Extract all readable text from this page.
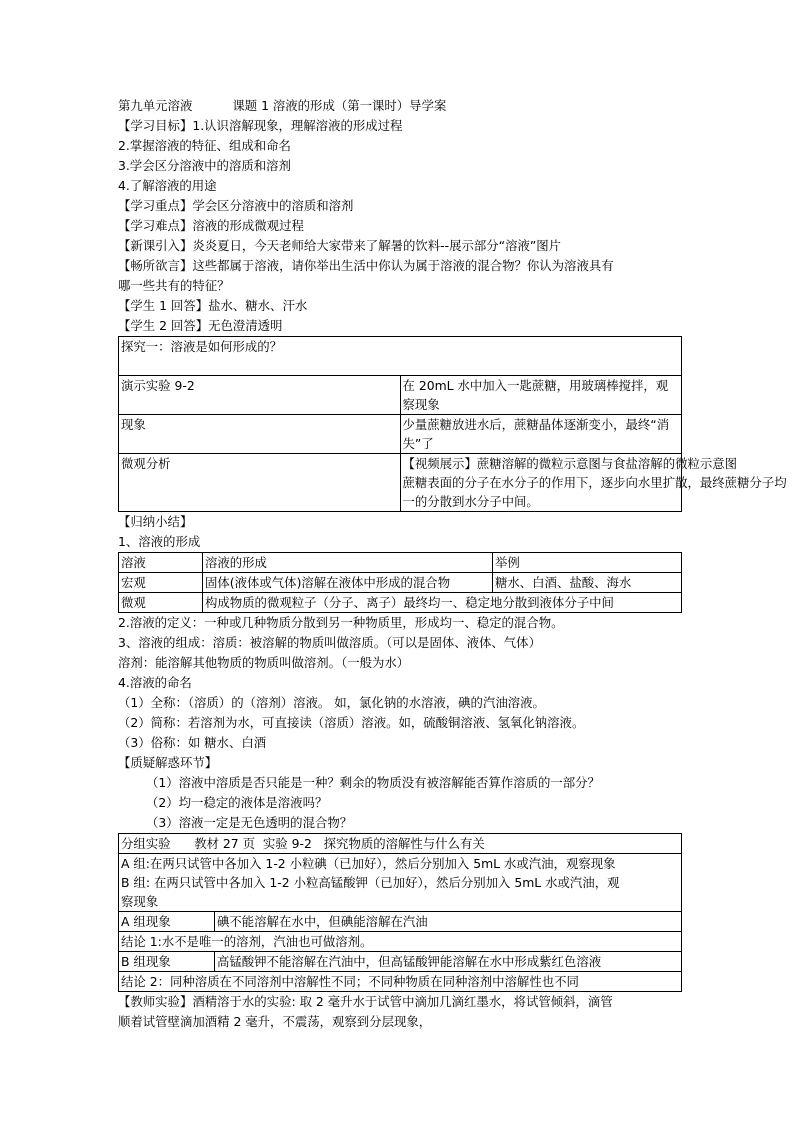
第九单元溶液	课题 1 溶液的形成（第一课时）导学案
【学习目标】1.认识溶解现象，理解溶液的形成过程
2.掌握溶液的特征、组成和命名
3.学会区分溶液中的溶质和溶剂
4.了解溶液的用途
【学习重点】学会区分溶液中的溶质和溶剂
【学习难点】溶液的形成微观过程
【新课引入】炎炎夏日，今天老师给大家带来了解暑的饮料--展示部分“溶液”图片
【畅所欲言】这些都属于溶液，请你举出生活中你认为属于溶液的混合物？你认为溶液具有
哪一些共有的特征？
【学生 1 回答】盐水、糖水、汗水
【学生 2 回答】无色澄清透明
探究一：溶液是如何形成的？	
演示实验 9-2	在 20mL 水中加入一匙蔗糖，用玻璃棒搅拌，观察现象
现象	少量蔗糖放进水后，蔗糖晶体逐渐变小，最终“消失”了
微观分析	【视频展示】蔗糖溶解的微粒示意图与食盐溶解的微粒示意图
蔗糖表面的分子在水分子的作用下，逐步向水里扩散，最终蔗糖分子均
一的分散到水分子中间。
【归纳小结】
1、溶液的形成
溶液	溶液的形成	举例
宏观	固体(液体或气体)溶解在液体中形成的混合物	糖水、白酒、盐酸、海水
微观	构成物质的微观粒子（分子、离子）最终均一、稳定地分散到液体分子中间	
2.溶液的定义：一种或几种物质分散到另一种物质里，形成均一、稳定的混合物。
3、溶液的组成：溶质：被溶解的物质叫做溶质。（可以是固体、液体、气体）
溶剂：能溶解其他物质的物质叫做溶剂。（一般为水）
4.溶液的命名
（1）全称：（溶质）的（溶剂）溶液。 如，氯化钠的水溶液，碘的汽油溶液。
（2）简称：若溶剂为水，可直接读（溶质）溶液。如，硫酸铜溶液、氢氧化钠溶液。
（3）俗称：如 糖水、白酒
【质疑解惑环节】
（1）溶液中溶质是否只能是一种？剩余的物质没有被溶解能否算作溶质的一部分？
（2）均一稳定的液体是溶液吗？
（3）溶液一定是无色透明的混合物？
分组实验      教材 27 页  实验 9-2   探究物质的溶解性与什么有关	

A 组:在两只试管中各加入 1-2 小粒碘（已加好），然后分别加入 5mL 水或汽油，观察现象
B 组: 在两只试管中各加入 1-2 小粒高锰酸钾（已加好），然后分别加入 5mL 水或汽油，观
察现象	

A 组现象	碘不能溶解在水中，但碘能溶解在汽油
结论 1:水不是唯一的溶剂，汽油也可做溶剂。	
B 组现象	高锰酸钾不能溶解在汽油中，但高锰酸钾能溶解在水中形成紫红色溶液
结论 2：同种溶质在不同溶剂中溶解性不同；不同种物质在同种溶剂中溶解性也不同	
【教师实验】酒精溶于水的实验: 取 2 毫升水于试管中滴加几滴红墨水，将试管倾斜，滴管
顺着试管壁滴加酒精 2 毫升，不震荡，观察到分层现象，
